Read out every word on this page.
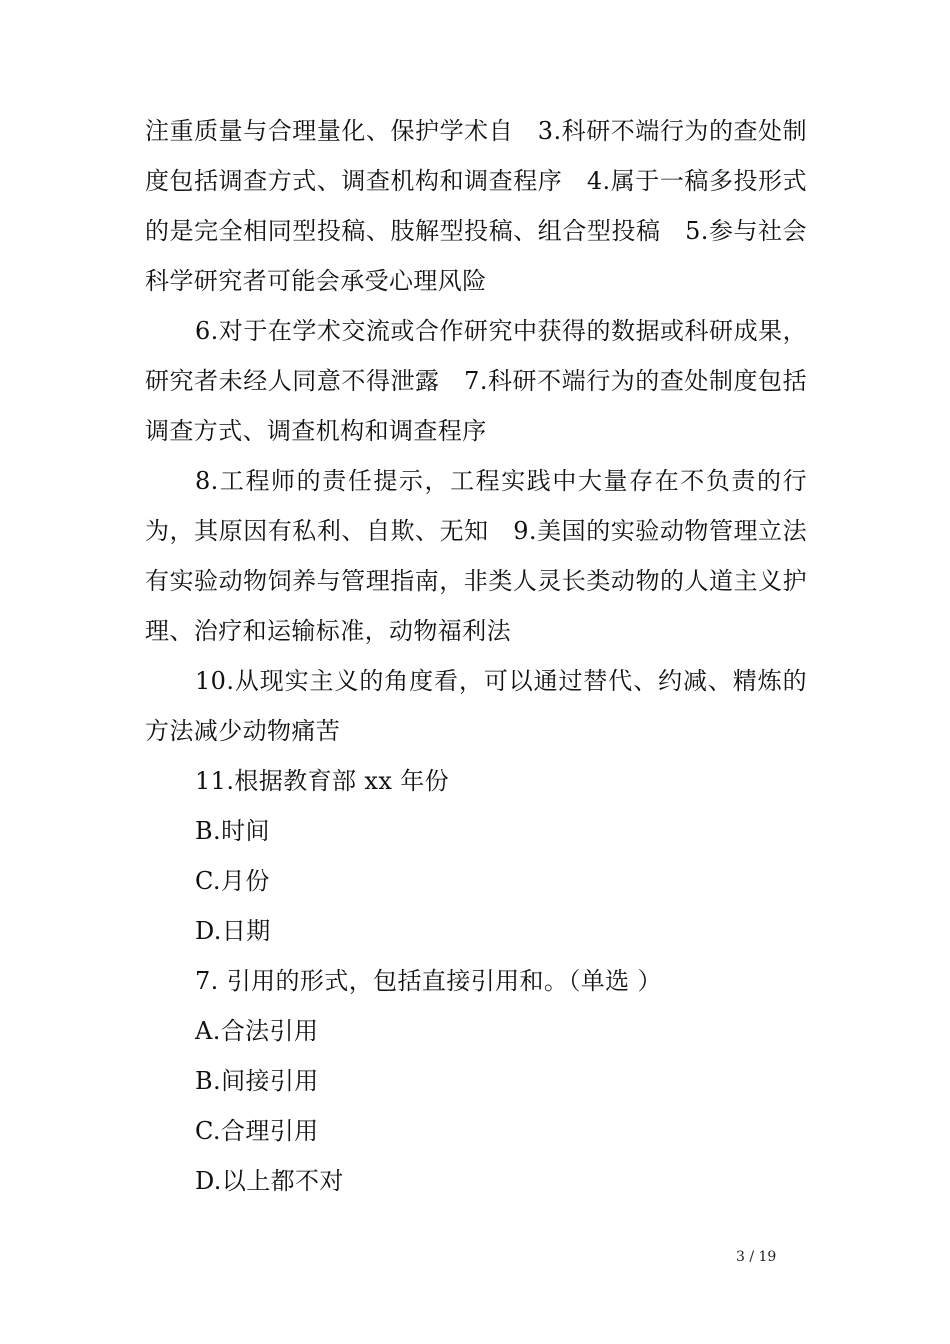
注重质量与合理量化、保护学术自　3.科研不端行为的查处制度包括调查方式、调查机构和调查程序　4.属于一稿多投形式的是完全相同型投稿、肢解型投稿、组合型投稿　5.参与社会科学研究者可能会承受心理风险

6.对于在学术交流或合作研究中获得的数据或科研成果，研究者未经人同意不得泄露　7.科研不端行为的查处制度包括调查方式、调查机构和调查程序

8.工程师的责任提示，工程实践中大量存在不负责的行为，其原因有私利、自欺、无知　9.美国的实验动物管理立法有实验动物饲养与管理指南，非类人灵长类动物的人道主义护理、治疗和运输标准，动物福利法

10.从现实主义的角度看，可以通过替代、约减、精炼的方法减少动物痛苦

11.根据教育部 xx 年份

B.时间

C.月份

D.日期

7. 引用的形式，包括直接引用和。（单选 ）

A.合法引用

B.间接引用

C.合理引用

D.以上都不对

3 / 19
